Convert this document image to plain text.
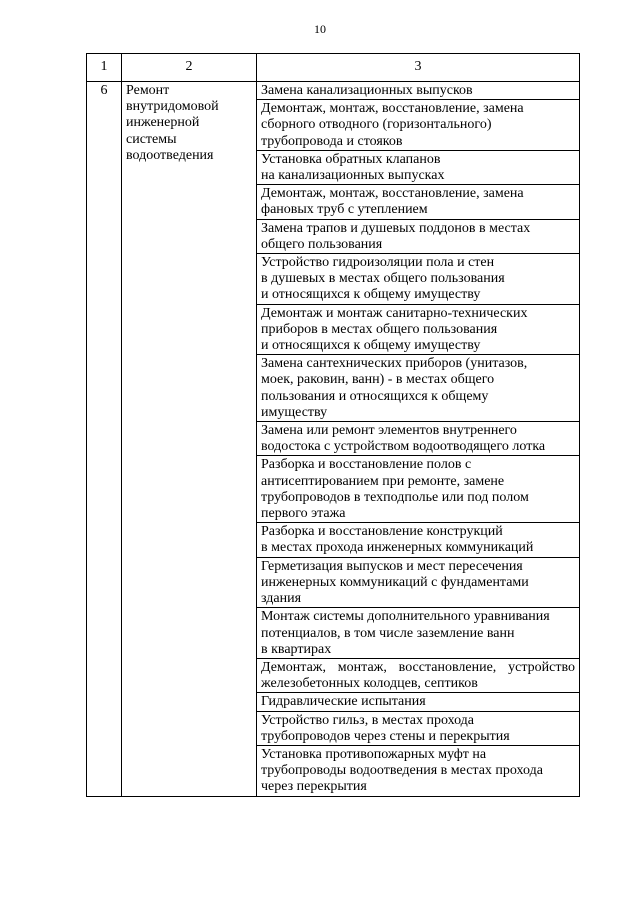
10
1	2	3
6	Ремонт
внутридомовой
инженерной
системы
водоотведения	Замена канализационных выпусков

		Демонтаж, монтаж, восстановление, замена
сборного отводного (горизонтального)
трубопровода и стояков

		Установка обратных клапанов
на канализационных выпусках

		Демонтаж, монтаж, восстановление, замена
фановых труб с утеплением

		Замена трапов и душевых поддонов в местах
общего пользования

		Устройство гидроизоляции пола и стен
в душевых в местах общего пользования
и относящихся к общему имуществу

		Демонтаж и монтаж санитарно-технических
приборов в местах общего пользования
и относящихся к общему имуществу

		Замена сантехнических приборов (унитазов,
моек, раковин, ванн) - в местах общего
пользования и относящихся к общему
имуществу

		Замена или ремонт элементов внутреннего
водостока с устройством водоотводящего лотка

		Разборка и восстановление полов с
антисептированием при ремонте, замене
трубопроводов в техподполье или под полом
первого этажа

		Разборка и восстановление конструкций
в местах прохода инженерных коммуникаций

		Герметизация выпусков и мест пересечения
инженерных коммуникаций с фундаментами
здания

		Монтаж системы дополнительного уравнивания
потенциалов, в том числе заземление ванн
в квартирах

		Демонтаж, монтаж, восстановление, устройство
железобетонных колодцев, септиков

		Гидравлические испытания

		Устройство гильз, в местах прохода
трубопроводов через стены и перекрытия

		Установка противопожарных муфт на
трубопроводы водоотведения в местах прохода
через перекрытия
